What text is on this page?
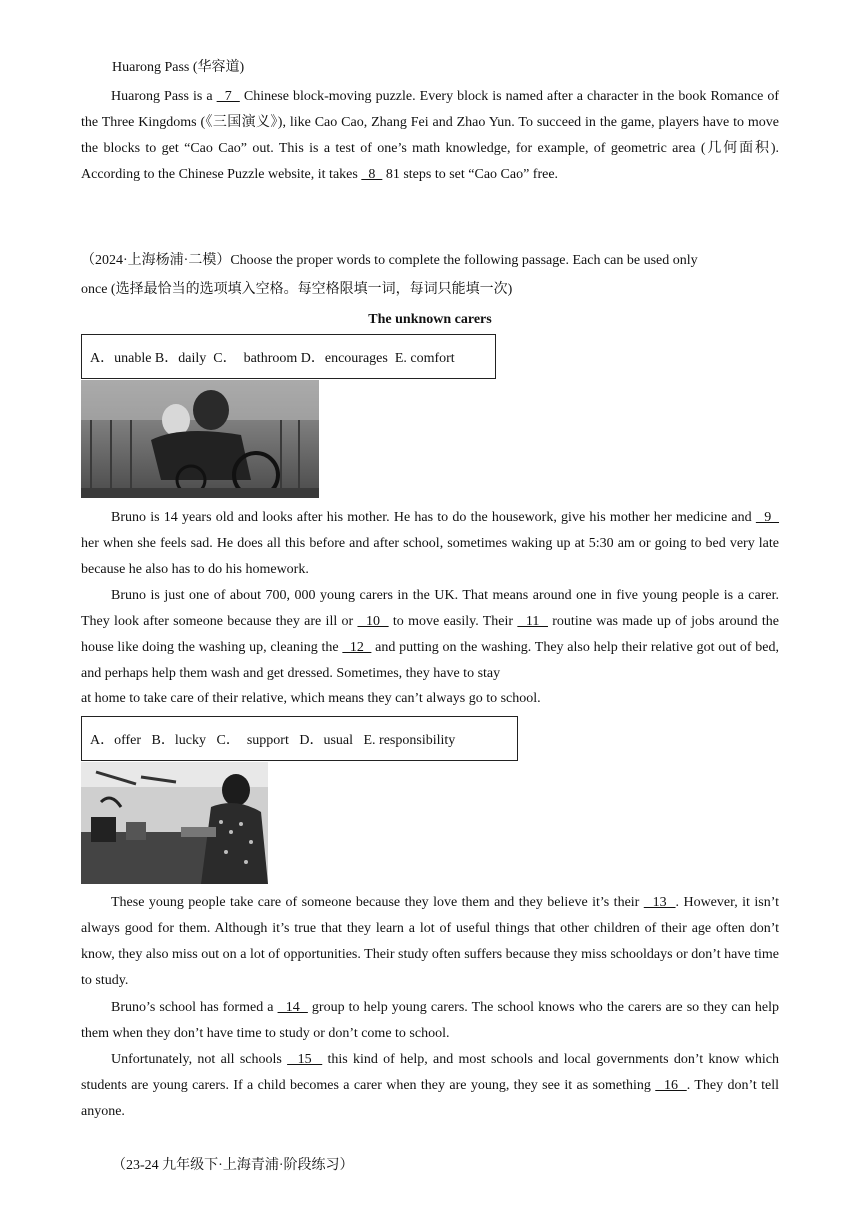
Huarong Pass (华容道)

Huarong Pass is a   7   Chinese block-moving puzzle. Every block is named after a character in the book Romance of the Three Kingdoms (《三国演义》), like Cao Cao, Zhang Fei and Zhao Yun. To succeed in the game, players have to move the blocks to get “Cao Cao” out. This is a test of one’s math knowledge, for example, of geometric area (几何面积). According to the Chinese Puzzle website, it takes   8   81 steps to set “Cao Cao” free.

（2024·上海杨浦·二模）Choose the proper words to complete the following passage. Each can be used only
once (选择最恰当的选项填入空格。每空格限填一词，每词只能填一次)
The unknown carers
A．unable B．daily  C．  bathroom D．encourages  E. comfort

Bruno is 14 years old and looks after his mother. He has to do the housework, give his mother her medicine and   9   her when she feels sad. He does all this before and after school, sometimes waking up at 5:30 am or going to bed very late because he also has to do his homework.

Bruno is just one of about 700, 000 young carers in the UK. That means around one in five young people is a carer. They look after someone because they are ill or   10   to move easily. Their   11   routine was made up of jobs around the house like doing the washing up, cleaning the   12   and putting on the washing. They also help their relative got out of bed, and perhaps help them wash and get dressed. Sometimes, they have to stay

at home to take care of their relative, which means they can’t always go to school.
A．offer   B．lucky   C．  support   D．usual   E. responsibility

These young people take care of someone because they love them and they believe it’s their   13  . However, it isn’t always good for them. Although it’s true that they learn a lot of useful things that other children of their age often don’t know, they also miss out on a lot of opportunities. Their study often suffers because they miss schooldays or don’t have time to study.

Bruno’s school has formed a   14   group to help young carers. The school knows who the carers are so they can help them when they don’t have time to study or don’t come to school.

Unfortunately, not all schools   15   this kind of help, and most schools and local governments don’t know which students are young carers. If a child becomes a carer when they are young, they see it as something   16  . They don’t tell anyone.

（23-24 九年级下·上海青浦·阶段练习）
